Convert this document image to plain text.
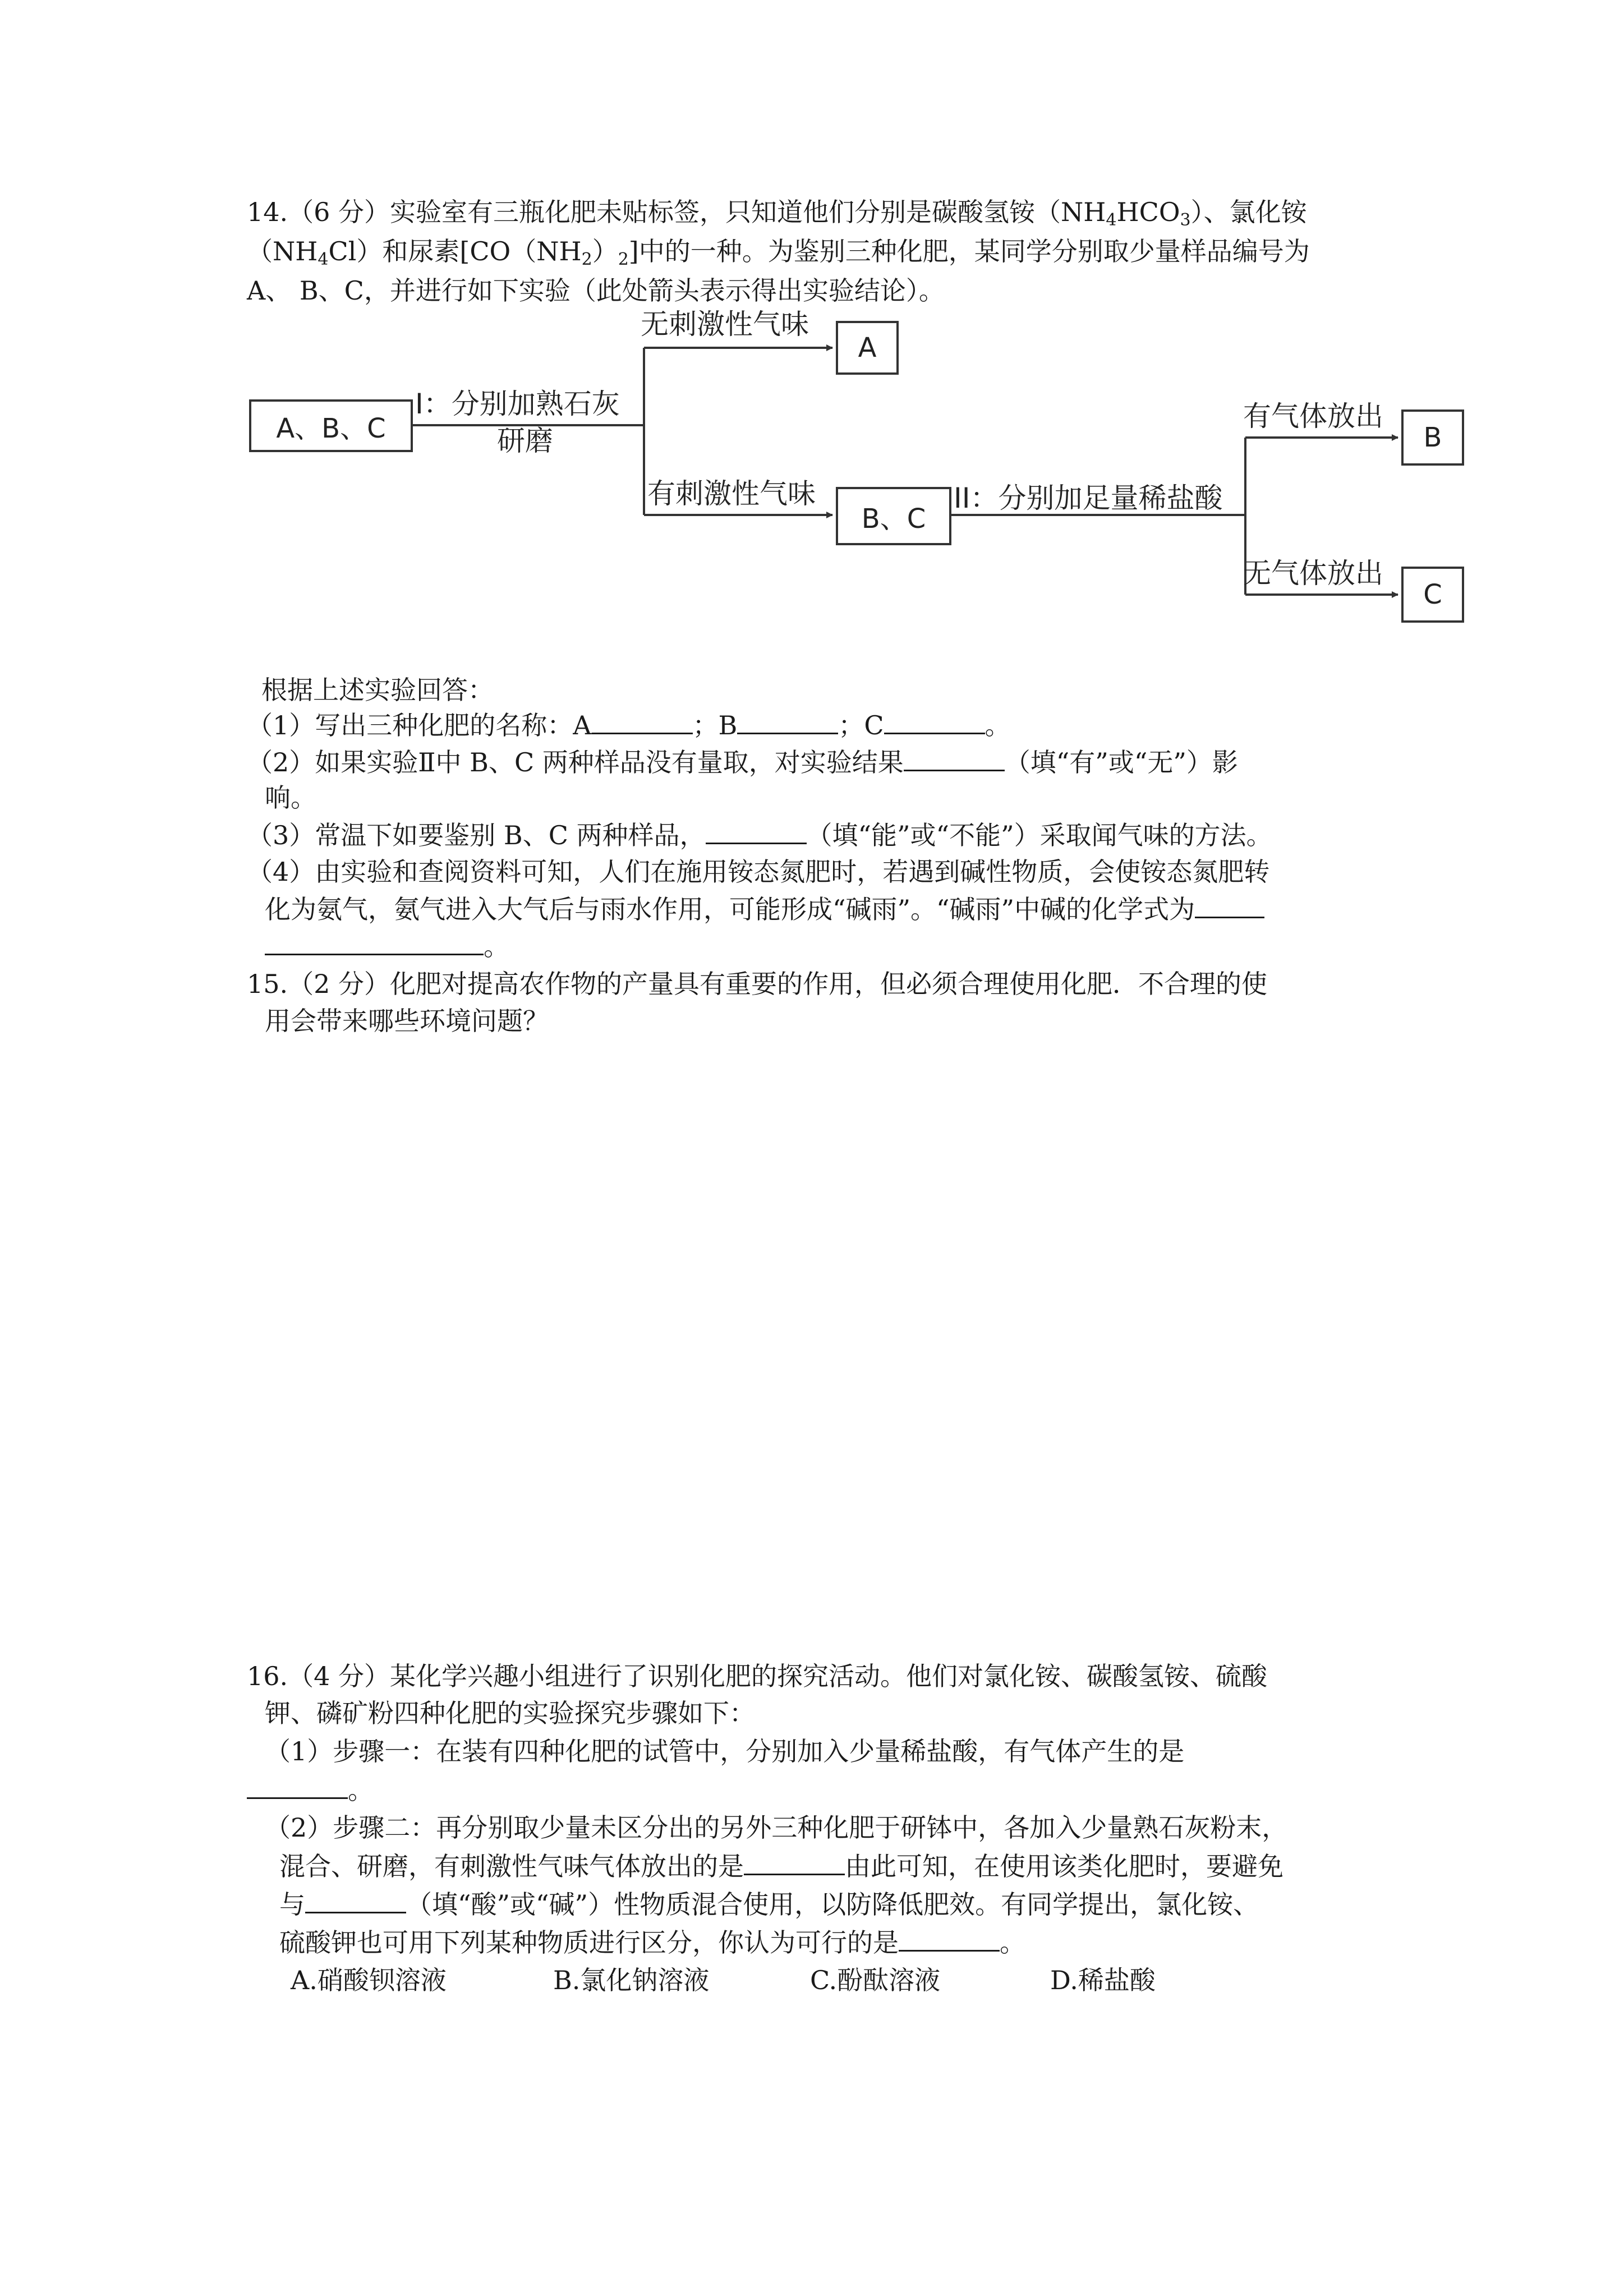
14.（6 分）实验室有三瓶化肥未贴标签，只知道他们分别是碳酸氢铵$(NH_4HCO_3)$、氯化铵
$(NH_4Cl)$和尿素$[CO(NH_2)_2]$中的一种。为鉴别三种化肥，某同学分别取少量样品编号为
A、 B、C，并进行如下实验（此处箭头表示得出实验结论）。
A、B、C
I：分别加熟石灰
研磨
无刺激性气味
A
有刺激性气味
B、C
II：分别加足量稀盐酸
有气体放出
B
无气体放出
C
根据上述实验回答：
（1）写出三种化肥的名称：A	；B	；C	。
（2）如果实验Ⅱ中 B、C 两种样品没有量取，对实验结果	（填“有”或“无”）影
响。
（3）常温下如要鉴别 B、C 两种样品，	（填“能”或“不能”）采取闻气味的方法。
（4）由实验和查阅资料可知，人们在施用铵态氮肥时，若遇到碱性物质，会使铵态氮肥转
化为氨气，氨气进入大气后与雨水作用，可能形成“碱雨”。“碱雨”中碱的化学式为
。
15.（2 分）化肥对提高农作物的产量具有重要的作用，但必须合理使用化肥．不合理的使
用会带来哪些环境问题？
16.（4 分）某化学兴趣小组进行了识别化肥的探究活动。他们对氯化铵、碳酸氢铵、硫酸
钾、磷矿粉四种化肥的实验探究步骤如下：
（1）步骤一：在装有四种化肥的试管中，分别加入少量稀盐酸，有气体产生的是
。
（2）步骤二：再分别取少量未区分出的另外三种化肥于研钵中，各加入少量熟石灰粉末，
混合、研磨，有刺激性气味气体放出的是	由此可知，在使用该类化肥时，要避免
与	（填“酸”或“碱”）性物质混合使用，以防降低肥效。有同学提出，氯化铵、
硫酸钾也可用下列某种物质进行区分，你认为可行的是	。
A.硝酸钡溶液	B.氯化钠溶液	C.酚酞溶液	D.稀盐酸
